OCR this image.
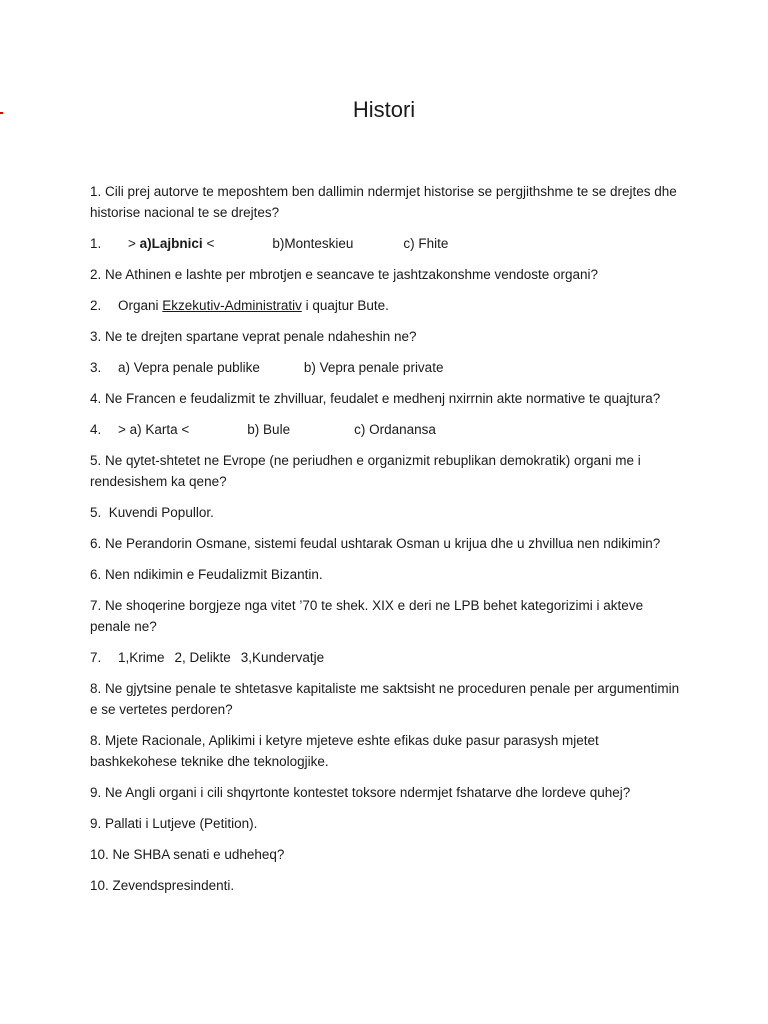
Histori

1. Cili prej autorve te meposhtem ben dallimin ndermjet historise se pergjithshme te se drejtes dhe historise nacional te se drejtes?

1. > a)Lajbnici <	b)Monteskieu	c) Fhite

2. Ne Athinen e lashte per mbrotjen e seancave te jashtzakonshme vendoste organi?

2. Organi Ekzekutiv-Administrativ i quajtur Bute.

3. Ne te drejten spartane veprat penale ndaheshin ne?

3. a) Vepra penale publike	b) Vepra penale private

4. Ne Francen e feudalizmit te zhvilluar, feudalet e medhenj nxirrnin akte normative te quajtura?

4. > a) Karta <	b) Bule	c) Ordanansa

5. Ne qytet-shtetet ne Evrope (ne periudhen e organizmit rebuplikan demokratik) organi me i rendesishem ka qene?

5.  Kuvendi Popullor.

6. Ne Perandorin Osmane, sistemi feudal ushtarak Osman u krijua dhe u zhvillua nen ndikimin?

6. Nen ndikimin e Feudalizmit Bizantin.

7. Ne shoqerine borgjeze nga vitet ’70 te shek. XIX e deri ne LPB behet kategorizimi i akteve penale ne?

7. 1,Krime 2, Delikte 3,Kundervatje

8. Ne gjytsine penale te shtetasve kapitaliste me saktsisht ne proceduren penale per argumentimin e se vertetes perdoren?

8. Mjete Racionale, Aplikimi i ketyre mjeteve eshte efikas duke pasur parasysh mjetet bashkekohese teknike dhe teknologjike.

9. Ne Angli organi i cili shqyrtonte kontestet toksore ndermjet fshatarve dhe lordeve quhej?

9. Pallati i Lutjeve (Petition).

10. Ne SHBA senati e udheheq?

10. Zevendspresindenti.
